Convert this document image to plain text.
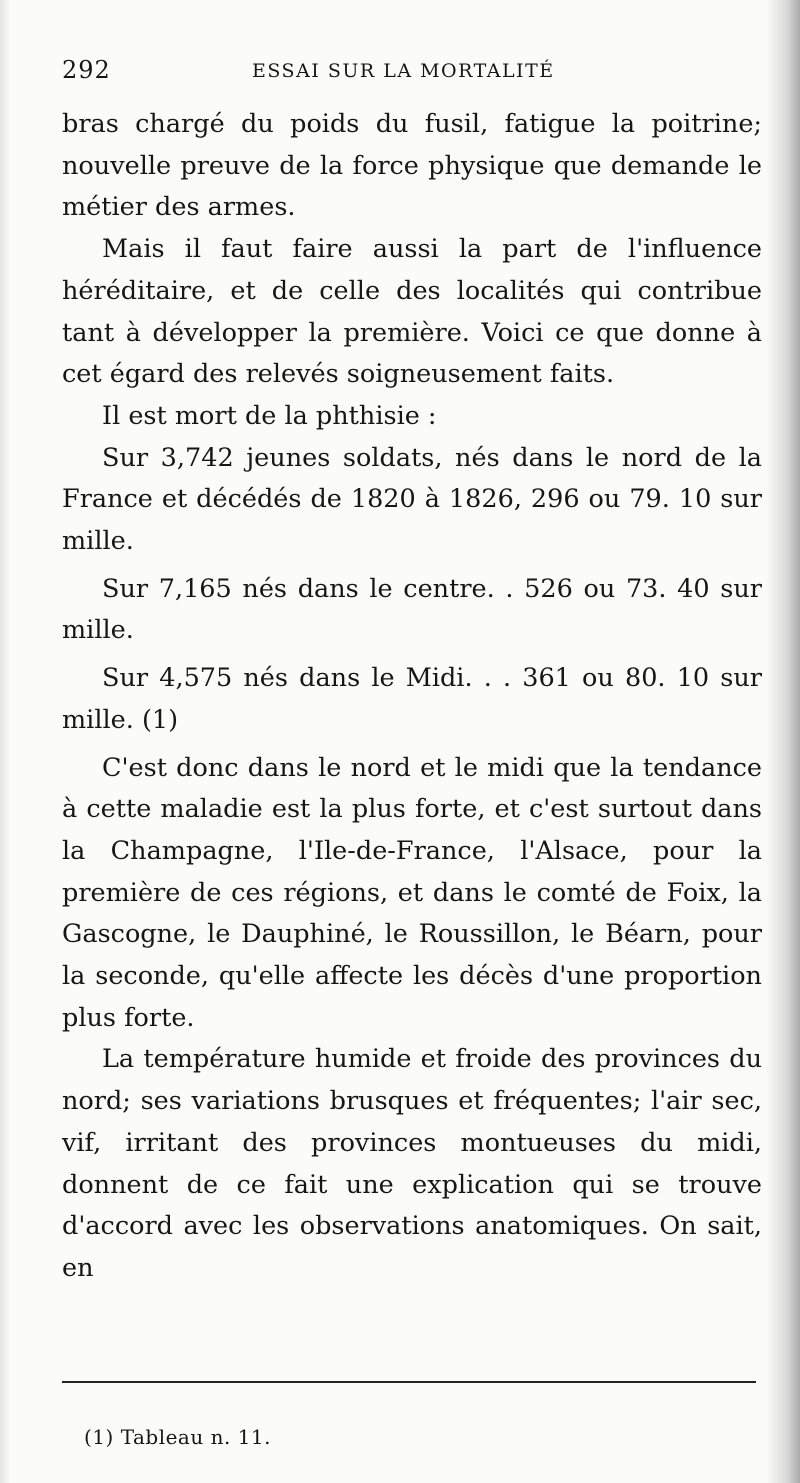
292	ESSAI SUR LA MORTALITÉ

bras chargé du poids du fusil, fatigue la poitrine; nouvelle preuve de la force physique que demande le métier des armes.

Mais il faut faire aussi la part de l'influence héréditaire, et de celle des localités qui contribue tant à développer la première. Voici ce que donne à cet égard des relevés soigneusement faits.

Il est mort de la phthisie :

Sur 3,742 jeunes soldats, nés dans le nord de la France et décédés de 1820 à 1826, 296 ou 79. 10 sur mille.

Sur 7,165 nés dans le centre. . 526 ou 73. 40 sur mille.

Sur 4,575 nés dans le Midi. . . 361 ou 80. 10 sur mille. (1)

C'est donc dans le nord et le midi que la tendance à cette maladie est la plus forte, et c'est surtout dans la Champagne, l'Ile-de-France, l'Alsace, pour la première de ces régions, et dans le comté de Foix, la Gascogne, le Dauphiné, le Roussillon, le Béarn, pour la seconde, qu'elle affecte les décès d'une proportion plus forte.

La température humide et froide des provinces du nord; ses variations brusques et fréquentes; l'air sec, vif, irritant des provinces montueuses du midi, donnent de ce fait une explication qui se trouve d'accord avec les observations anatomiques. On sait, en

(1) Tableau n. 11.
